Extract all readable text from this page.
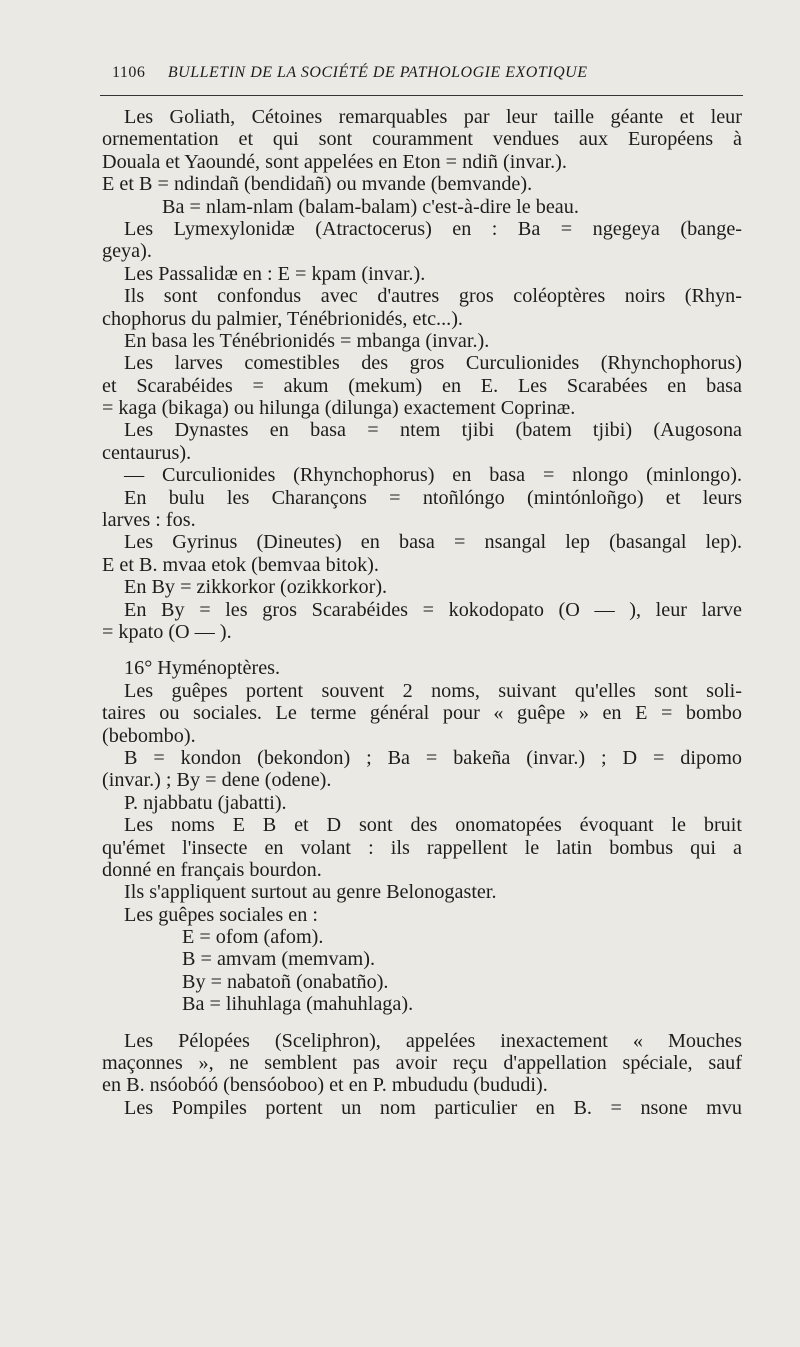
1106 BULLETIN DE LA SOCIÉTÉ DE PATHOLOGIE EXOTIQUE
Les Goliath, Cétoines remarquables par leur taille géante et leur
ornementation et qui sont couramment vendues aux Européens à
Douala et Yaoundé, sont appelées en Eton = ndiñ (invar.).
E et B = ndindañ (bendidañ) ou mvande (bemvande).
Ba = nlam-nlam (balam-balam) c'est-à-dire le beau.
Les Lymexylonidæ (Atractocerus) en : Ba = ngegeya (bange-
geya).
Les Passalidæ en : E = kpam (invar.).
Ils sont confondus avec d'autres gros coléoptères noirs (Rhyn-
chophorus du palmier, Ténébrionidés, etc...).
En basa les Ténébrionidés = mbanga (invar.).
Les larves comestibles des gros Curculionides (Rhynchophorus)
et Scarabéides = akum (mekum) en E. Les Scarabées en basa
= kaga (bikaga) ou hilunga (dilunga) exactement Coprinæ.
Les Dynastes en basa = ntem tjibi (batem tjibi) (Augosona
centaurus).
— Curculionides (Rhynchophorus) en basa = nlongo (minlongo).
En bulu les Charançons = ntoñlóngo (mintónloñgo) et leurs
larves : fos.
Les Gyrinus (Dineutes) en basa = nsangal lep (basangal lep).
E et B. mvaa etok (bemvaa bitok).
En By = zikkorkor (ozikkorkor).
En By = les gros Scarabéides = kokodopato (O — ), leur larve
= kpato (O — ).
16° Hyménoptères.
Les guêpes portent souvent 2 noms, suivant qu'elles sont soli-
taires ou sociales. Le terme général pour « guêpe » en E = bombo
(bebombo).
B = kondon (bekondon) ; Ba = bakeña (invar.) ; D = dipomo
(invar.) ; By = dene (odene).
P. njabbatu (jabatti).
Les noms E B et D sont des onomatopées évoquant le bruit
qu'émet l'insecte en volant : ils rappellent le latin bombus qui a
donné en français bourdon.
Ils s'appliquent surtout au genre Belonogaster.
Les guêpes sociales en :
E = ofom (afom).
B = amvam (memvam).
By = nabatoñ (onabatño).
Ba = lihuhlaga (mahuhlaga).
Les Pélopées (Sceliphron), appelées inexactement « Mouches
maçonnes », ne semblent pas avoir reçu d'appellation spéciale, sauf
en B. nsóobóó (bensóoboo) et en P. mbududu (bududi).
Les Pompiles portent un nom particulier en B. = nsone mvu
